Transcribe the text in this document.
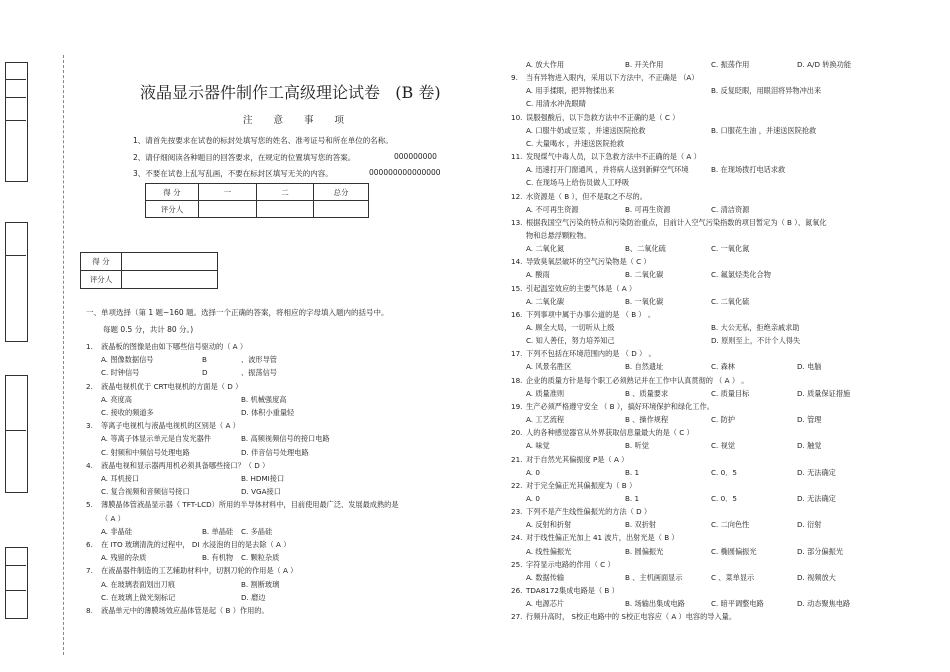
液晶显示器件制作工高级理论试卷 (B 卷)
注 意 事 项
1、请首先按要求在试卷的标封处填写您的姓名、准考证号和所在单位的名称。
2、请仔细阅读各种题目的回答要求，在规定的位置填写您的答案。	000000000
3、不要在试卷上乱写乱画，不要在标封区填写无关的内容。	000000000000000
得 分	一	二	总分
评分人			
得 分	
评分人	
一、单项选择（第 1 题~160 题。选择一个正确的答案，将相应的字母填入题内的括号中。
每题 0.5 分，共计 80 分。)
1. 液晶板的图像是由如下哪些信号驱动的（ A ）
A. 图像数据信号	B	、波形导管
C. 时钟信号	D	、振荡信号
2. 液晶电视机优于 CRT电视机的方面是（ D ）
A. 亮度高	B. 机械强度高
C. 接收的频道多	D. 体积小重量轻
3. 等离子电视机与液晶电视机的区别是（ A ）
A. 等离子体显示单元是自发光器件	B. 高频视频信号的接口电路
C. 射频和中频信号处理电路	D. 伴音信号处理电路
4. 液晶电视和显示器两用机必须具备哪些接口？（ D ）
A. 耳机接口	B. HDMI接口
C. 复合视频和音频信号接口	D. VGA接口
5. 薄膜晶体管液晶显示器（ TFT-LCD）所用的半导体材料中，目前使用最广泛、发展最成熟的是
（ A ）
A. 非晶硅	B. 单晶硅 C. 多晶硅
6. 在 ITO 玻璃清洗的过程中， DI 水浸泡的目的是去除（ A ）
A. 残留的杂质	B. 有机物 C. 颗粒杂质
7. 在液晶器件制造的工艺辅助材料中，切割刀轮的作用是（ A ）
A. 在玻璃表面划出刀痕	B. 割断玻璃
C. 在玻璃上做光刻标记	D. 磨边
8. 液晶单元中的薄膜场效应晶体管是起（ B ）作用的。
A. 放大作用	B. 开关作用	C. 振荡作用	D. A/D 转换功能
9. 当有异物进入眼内，采用以下方法中，不正确是 （A）
A. 用手揉眼，把异物揉出来	B. 反复眨眼，用眼泪将异物冲出来
C. 用清水冲洗眼睛
10. 误服强酸后，以下急救方法中不正确的是（ C ）
A. 口服牛奶或豆浆 ，并速送医院抢救	B. 口服花生油 ，并速送医院抢救
C. 大量喝水 ，并速送医院抢救
11. 发现煤气中毒人员，以下急救方法中不正确的是（ A ）
A. 迅速打开门窗通风 ，并将病人送到新鲜空气环境	B. 在现场拨打电话求救
C. 在现场马上给伤员做人工呼吸
12. 水资源是（ B ），但不是取之不尽的。
A. 不可再生资源	B. 可再生资源	C. 清洁资源
13. 根据我国空气污染的特点和污染防治重点，目前计入空气污染指数的项目暂定为（ B ）、氮氧化
物和总悬浮颗粒物。
A. 二氧化氮	B、二氧化硫	C. 一氧化氮
14. 导致臭氧层破坏的空气污染物是（ C ）
A. 酸雨	B. 二氧化碳	C. 氟氯烃类化合物
15. 引起温室效应的主要气体是（ A ）
A. 二氧化碳	B. 一氧化碳	C. 二氧化硫
16. 下列事项中属于办事公道的是 （ B ） 。
A. 顾全大局，一切听从上级	B. 大公无私，拒绝亲戚求助
C. 知人善任，努力培养知己	D. 原则至上，不计个人得失
17. 下列不包括在环境范围内的是 （ D ） 。
A. 风景名胜区	B. 自然遗址	C. 森林	D. 电脑
18. 企业的质量方针是每个职工必须熟记并在工作中认真贯彻的 （ A ） 。
A. 质量准则	B 、质量要求	C. 质量目标	D. 质量保证措施
19. 生产必须严格遵守安全 （ B ），搞好环境保护和绿化工作。
A. 工艺流程	B 、操作规程	C. 防护	D. 管理
20. 人的各种感觉器官从外界获取信息量最大的是（ C ）
A. 味觉	B. 听觉	C. 视觉	D. 触觉
21. 对于自然光其偏振度 P是（ A ）
A. 0	B. 1	C. 0．5	D. 无法确定
22. 对于完全偏正光其偏振度为（ B ）
A. 0	B. 1	C. 0．5	D. 无法确定
23. 下列不是产生线性偏振光的方法（ D ）
A. 反射和折射	B. 双折射	C. 二向色性	D. 衍射
24. 对于线性偏正光加上 41 波片，出射光是（ B ）
A. 线性偏振光	B. 圆偏振光	C. 椭圆偏振光	D. 部分偏振光
25. 字符显示电路的作用（ C ）
A. 数据传输	B 、主机画面显示	C 、菜单显示	D. 视频放大
26. TDA8172集成电路是（ B ）
A. 电源芯片	B. 场输出集成电路	C. 暗平调整电路	D. 动态聚焦电路
27. 行频升高时， S校正电路中的 S校正电容应（ A ）电容的导入量。
